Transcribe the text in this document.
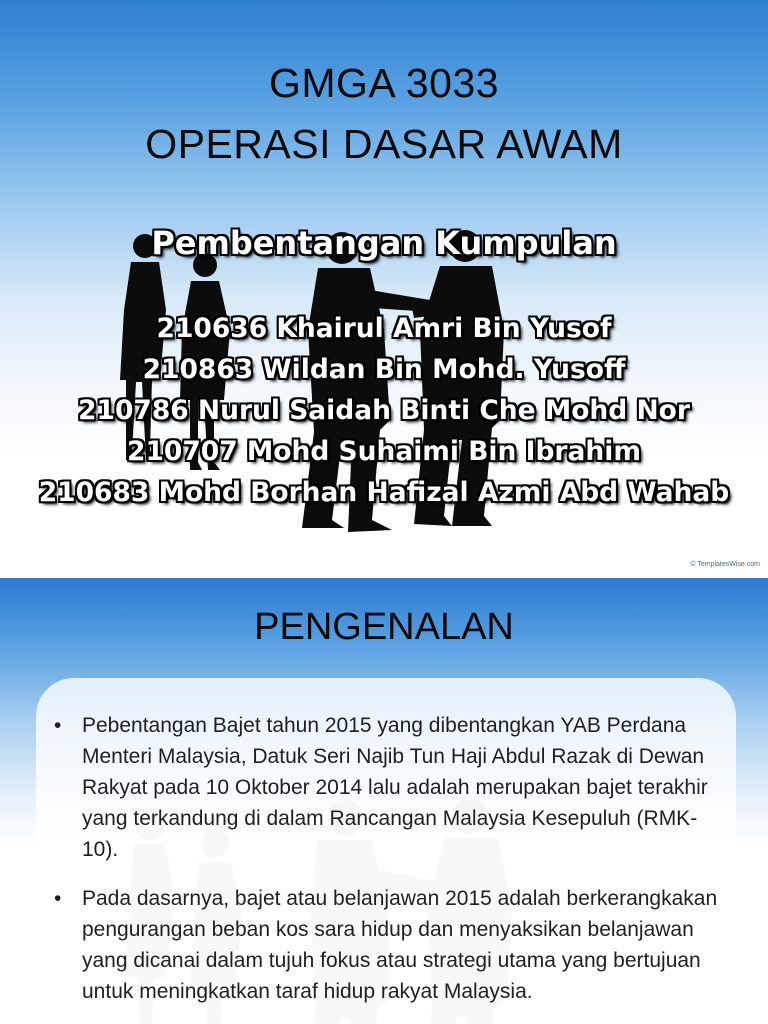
GMGA 3033
OPERASI DASAR AWAM
Pembentangan Kumpulan
210636 Khairul Amri Bin Yusof
210863 Wildan Bin Mohd. Yusoff
210786 Nurul Saidah Binti Che Mohd Nor
210707 Mohd Suhaimi Bin Ibrahim
210683 Mohd Borhan Hafizal Azmi Abd Wahab
© TemplatesWise.com
PENGENALAN
• Pebentangan Bajet tahun 2015 yang dibentangkan YAB Perdana Menteri Malaysia, Datuk Seri Najib Tun Haji Abdul Razak di Dewan Rakyat pada 10 Oktober 2014 lalu adalah merupakan bajet terakhir yang terkandung di dalam Rancangan Malaysia Kesepuluh (RMK-10).
• Pada dasarnya, bajet atau belanjawan 2015 adalah berkerangkakan pengurangan beban kos sara hidup dan menyaksikan belanjawan yang dicanai dalam tujuh fokus atau strategi utama yang bertujuan untuk meningkatkan taraf hidup rakyat Malaysia.
